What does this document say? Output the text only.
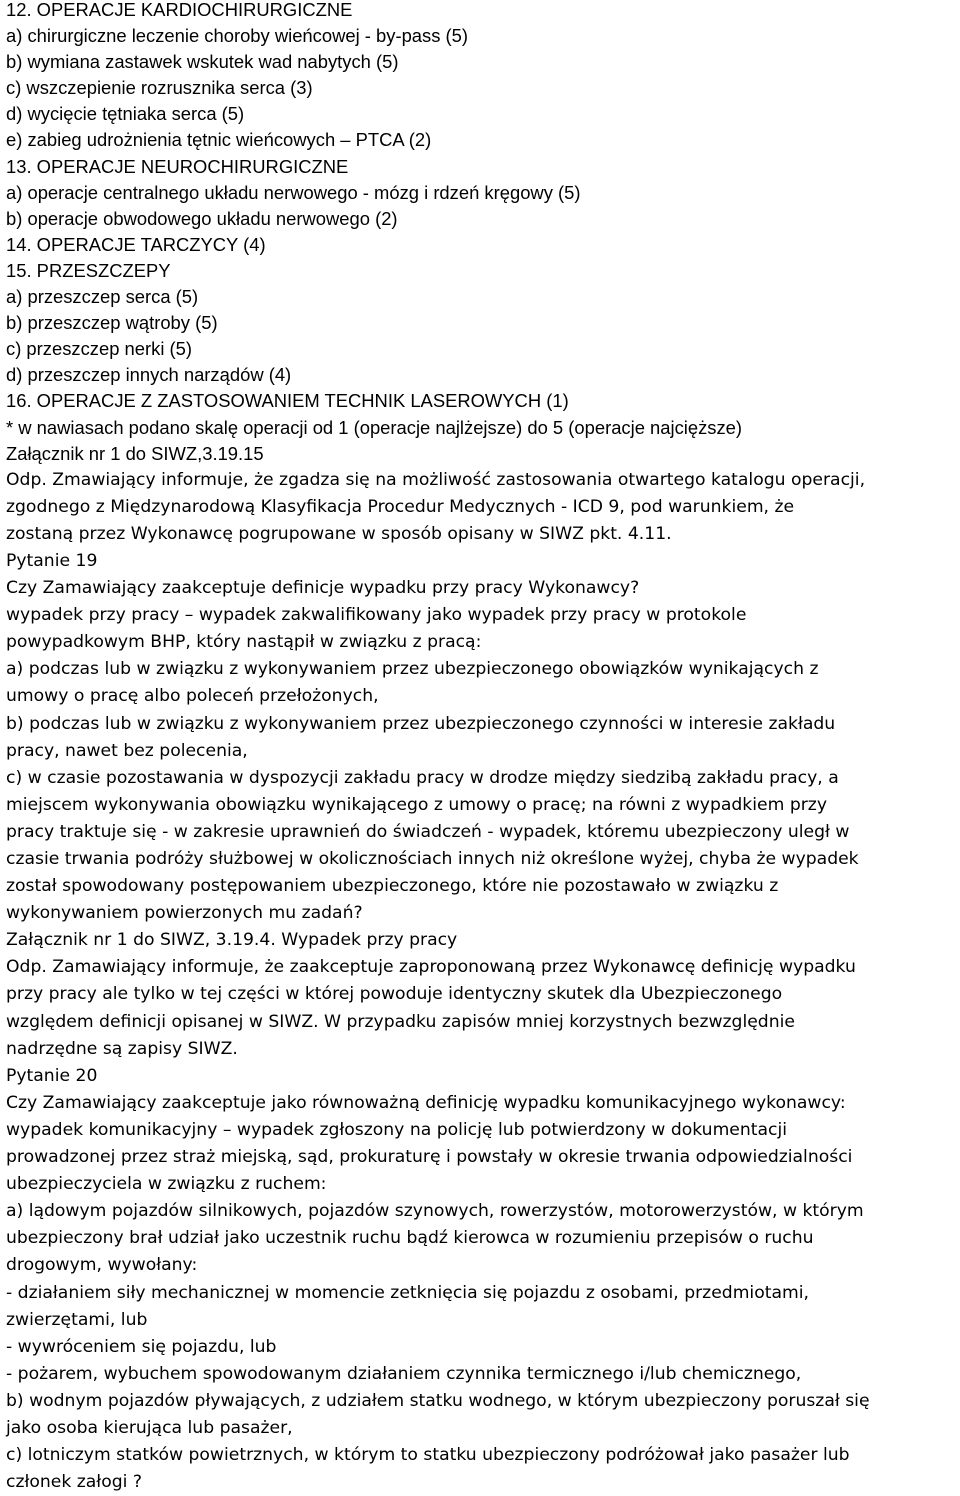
12. OPERACJE KARDIOCHIRURGICZNE
a) chirurgiczne leczenie choroby wieńcowej - by-pass (5)
b) wymiana zastawek wskutek wad nabytych (5)
c) wszczepienie rozrusznika serca (3)
d) wycięcie tętniaka serca (5)
e) zabieg udrożnienia tętnic wieńcowych – PTCA (2)
13. OPERACJE NEUROCHIRURGICZNE
a) operacje centralnego układu nerwowego - mózg i rdzeń kręgowy (5)
b) operacje obwodowego układu nerwowego (2)
14. OPERACJE TARCZYCY (4)
15. PRZESZCZEPY
a) przeszczep serca (5)
b) przeszczep wątroby (5)
c) przeszczep nerki (5)
d) przeszczep innych narządów (4)
16. OPERACJE Z ZASTOSOWANIEM TECHNIK LASEROWYCH (1)
* w nawiasach podano skalę operacji od 1 (operacje najlżejsze) do 5 (operacje najcięższe)
Załącznik nr 1 do SIWZ,3.19.15
Odp. Zmawiający informuje, że zgadza się na możliwość zastosowania otwartego katalogu operacji,
zgodnego z Międzynarodową Klasyfikacja Procedur Medycznych - ICD 9, pod warunkiem, że
zostaną przez Wykonawcę pogrupowane w sposób opisany w SIWZ pkt. 4.11.
Pytanie 19
Czy Zamawiający zaakceptuje definicje wypadku przy pracy Wykonawcy?
wypadek przy pracy – wypadek zakwalifikowany jako wypadek przy pracy w protokole
powypadkowym BHP, który nastąpił w związku z pracą:
a) podczas lub w związku z wykonywaniem przez ubezpieczonego obowiązków wynikających z
umowy o pracę albo poleceń przełożonych,
b) podczas lub w związku z wykonywaniem przez ubezpieczonego czynności w interesie zakładu
pracy, nawet bez polecenia,
c) w czasie pozostawania w dyspozycji zakładu pracy w drodze między siedzibą zakładu pracy, a
miejscem wykonywania obowiązku wynikającego z umowy o pracę; na równi z wypadkiem przy
pracy traktuje się - w zakresie uprawnień do świadczeń - wypadek, któremu ubezpieczony uległ w
czasie trwania podróży służbowej w okolicznościach innych niż określone wyżej, chyba że wypadek
został spowodowany postępowaniem ubezpieczonego, które nie pozostawało w związku z
wykonywaniem powierzonych mu zadań?
Załącznik nr 1 do SIWZ, 3.19.4. Wypadek przy pracy
Odp. Zamawiający informuje, że zaakceptuje zaproponowaną przez Wykonawcę definicję wypadku
przy pracy ale tylko w tej części w której powoduje identyczny skutek dla Ubezpieczonego
względem definicji opisanej w SIWZ. W przypadku zapisów mniej korzystnych bezwzględnie
nadrzędne są zapisy SIWZ.
Pytanie 20
Czy Zamawiający zaakceptuje jako równoważną definicję wypadku komunikacyjnego wykonawcy:
wypadek komunikacyjny – wypadek zgłoszony na policję lub potwierdzony w dokumentacji
prowadzonej przez straż miejską, sąd, prokuraturę i powstały w okresie trwania odpowiedzialności
ubezpieczyciela w związku z ruchem:
a) lądowym pojazdów silnikowych, pojazdów szynowych, rowerzystów, motorowerzystów, w którym
ubezpieczony brał udział jako uczestnik ruchu bądź kierowca w rozumieniu przepisów o ruchu
drogowym, wywołany:
- działaniem siły mechanicznej w momencie zetknięcia się pojazdu z osobami, przedmiotami,
zwierzętami, lub
- wywróceniem się pojazdu, lub
- pożarem, wybuchem spowodowanym działaniem czynnika termicznego i/lub chemicznego,
b) wodnym pojazdów pływających, z udziałem statku wodnego, w którym ubezpieczony poruszał się
jako osoba kierująca lub pasażer,
c) lotniczym statków powietrznych, w którym to statku ubezpieczony podróżował jako pasażer lub
członek załogi ?
